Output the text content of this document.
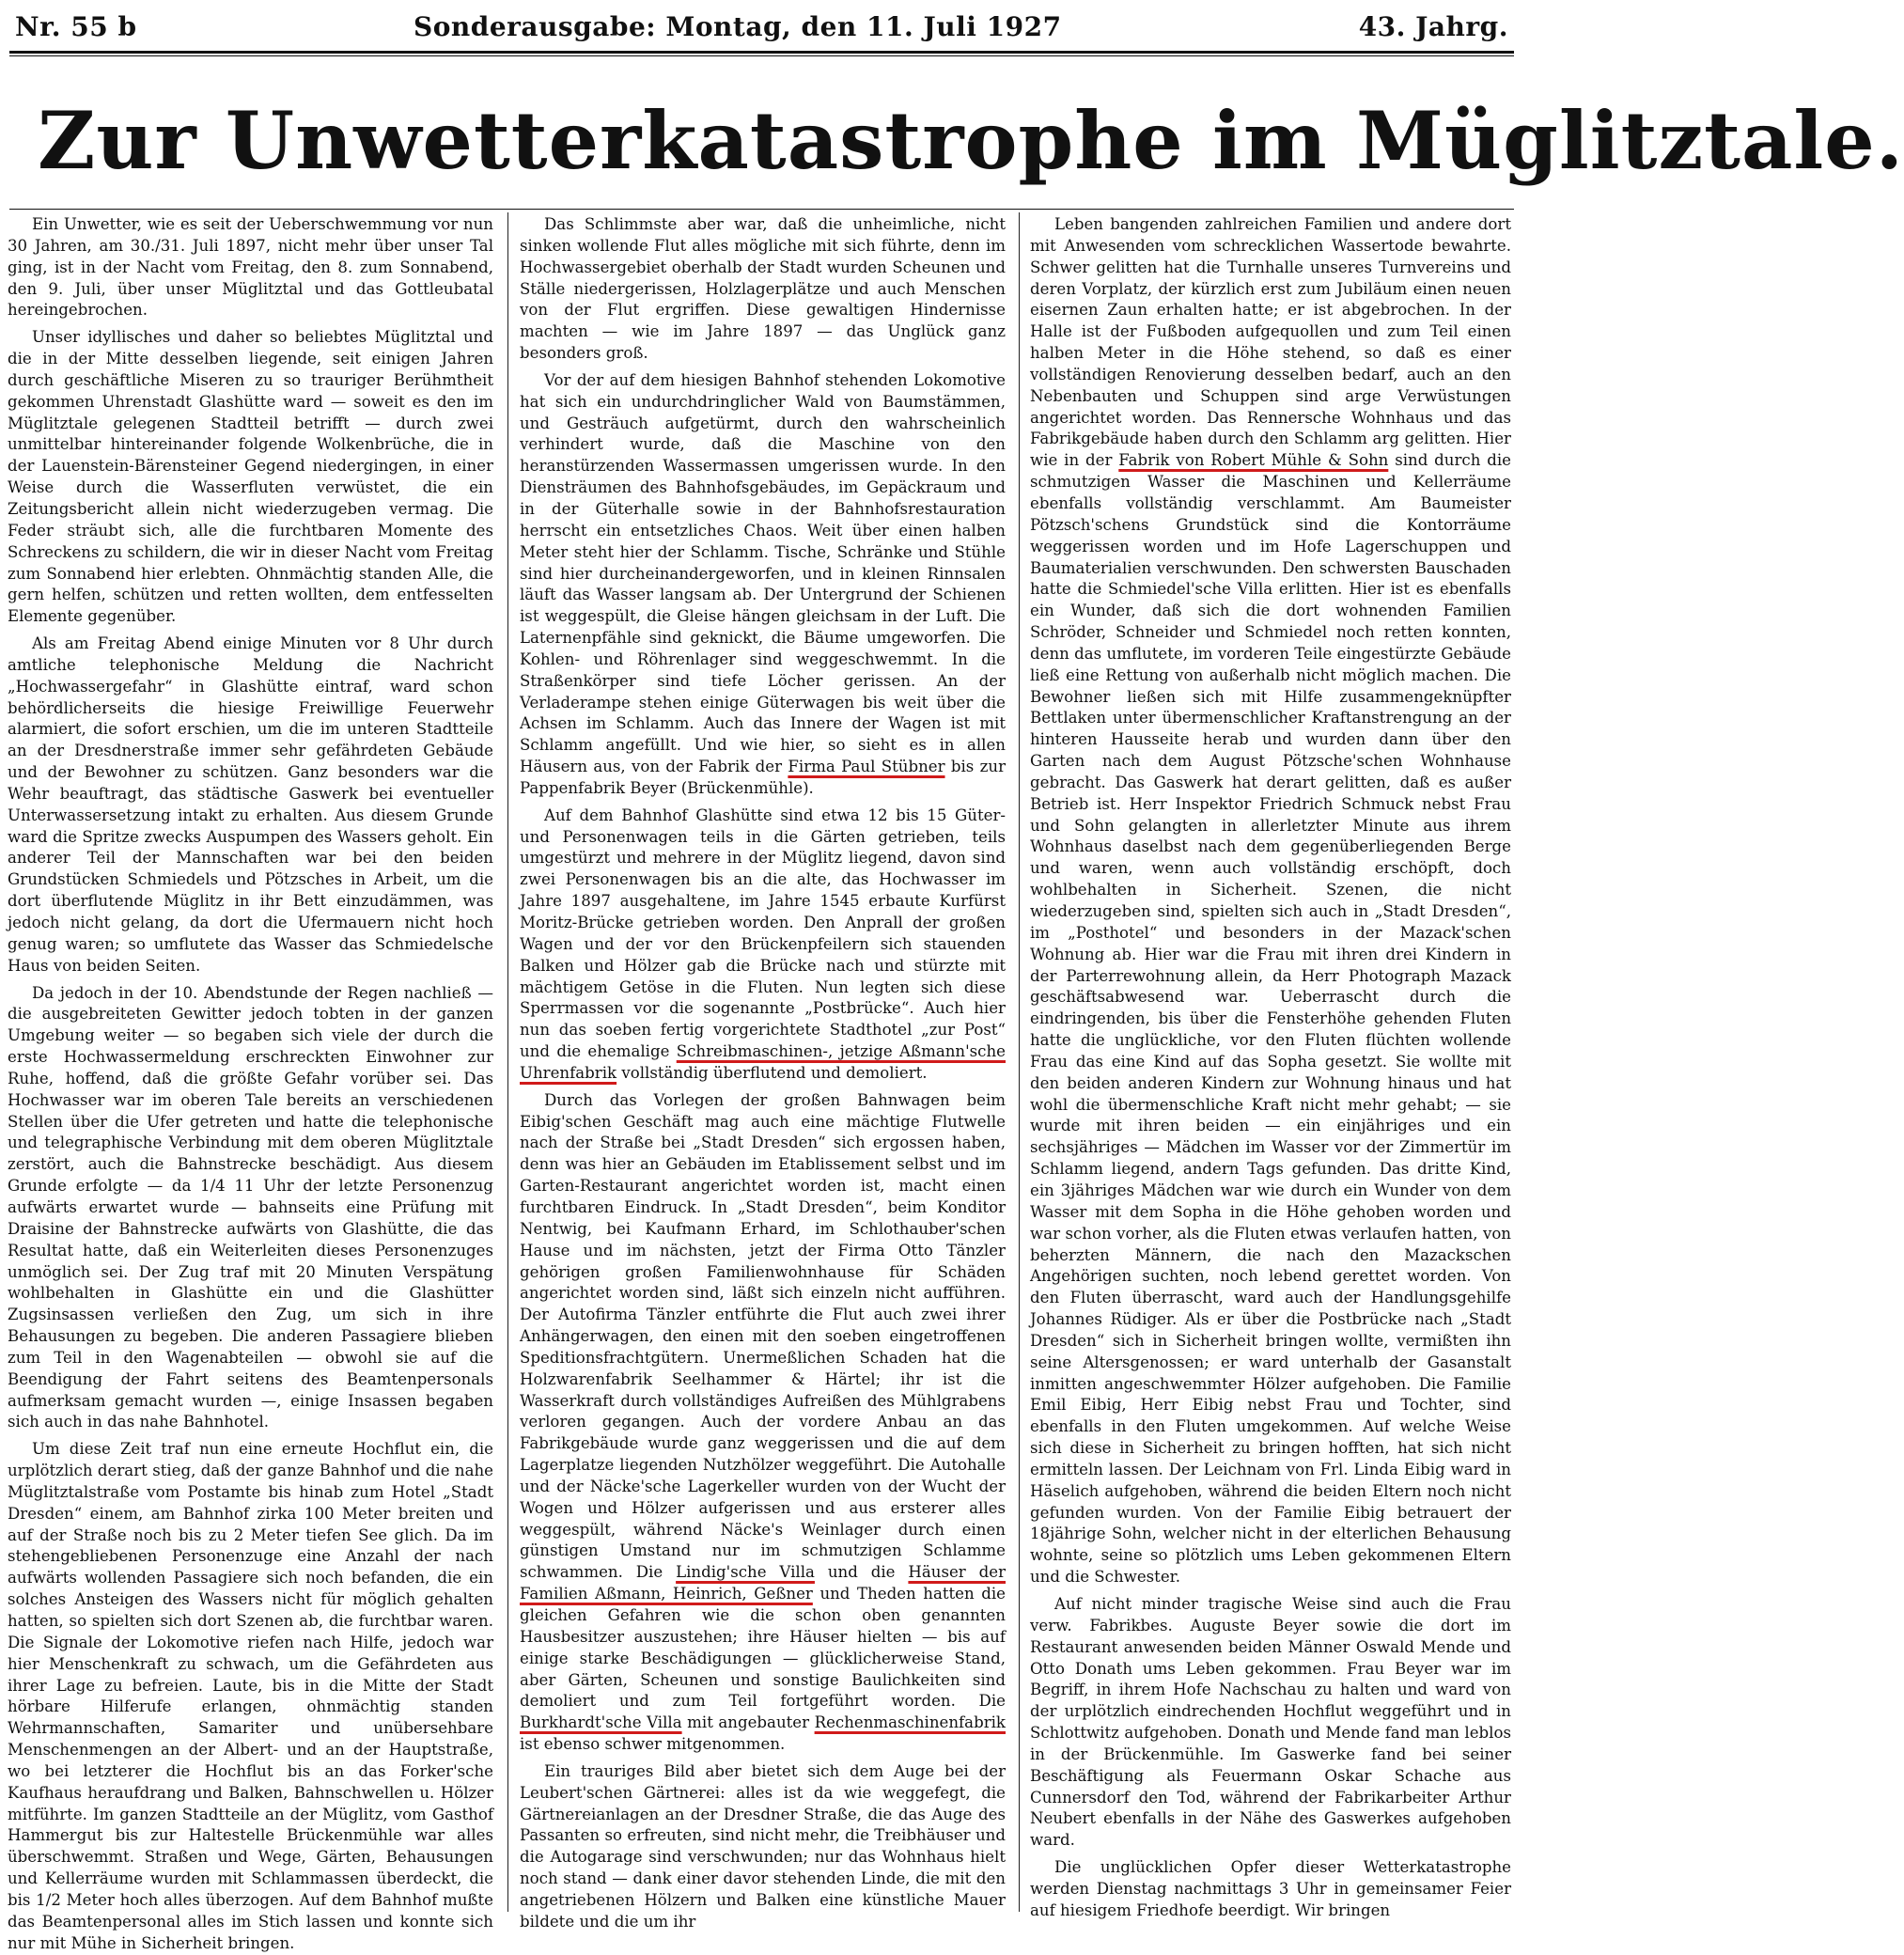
Nr. 55 b	Sonderausgabe: Montag, den 11. Juli 1927	43. Jahrg.
Zur Unwetterkatastrophe im Müglitztale.

Ein Unwetter, wie es seit der Ueberschwemmung vor nun 30 Jahren, am 30./31. Juli 1897, nicht mehr über unser Tal ging, ist in der Nacht vom Freitag, den 8. zum Sonnabend, den 9. Juli, über unser Müglitztal und das Gottleubatal hereingebrochen.

Unser idyllisches und daher so beliebtes Müglitztal und die in der Mitte desselben liegende, seit einigen Jahren durch geschäftliche Miseren zu so trauriger Berühmtheit gekommen Uhrenstadt Glashütte ward — soweit es den im Müglitztale gelegenen Stadtteil betrifft — durch zwei unmittelbar hintereinander folgende Wolkenbrüche, die in der Lauenstein-Bärensteiner Gegend niedergingen, in einer Weise durch die Wasserfluten verwüstet, die ein Zeitungsbericht allein nicht wiederzugeben vermag. Die Feder sträubt sich, alle die furchtbaren Momente des Schreckens zu schildern, die wir in dieser Nacht vom Freitag zum Sonnabend hier erlebten. Ohnmächtig standen Alle, die gern helfen, schützen und retten wollten, dem entfesselten Elemente gegenüber.

Als am Freitag Abend einige Minuten vor 8 Uhr durch amtliche telephonische Meldung die Nachricht „Hochwassergefahr“ in Glashütte eintraf, ward schon behördlicherseits die hiesige Freiwillige Feuerwehr alarmiert, die sofort erschien, um die im unteren Stadtteile an der Dresdnerstraße immer sehr gefährdeten Gebäude und der Bewohner zu schützen. Ganz besonders war die Wehr beauftragt, das städtische Gaswerk bei eventueller Unterwassersetzung intakt zu erhalten. Aus diesem Grunde ward die Spritze zwecks Auspumpen des Wassers geholt. Ein anderer Teil der Mannschaften war bei den beiden Grundstücken Schmiedels und Pötzsches in Arbeit, um die dort überflutende Müglitz in ihr Bett einzudämmen, was jedoch nicht gelang, da dort die Ufermauern nicht hoch genug waren; so umflutete das Wasser das Schmiedelsche Haus von beiden Seiten.

Da jedoch in der 10. Abendstunde der Regen nachließ — die ausgebreiteten Gewitter jedoch tobten in der ganzen Umgebung weiter — so begaben sich viele der durch die erste Hochwassermeldung erschreckten Einwohner zur Ruhe, hoffend, daß die größte Gefahr vorüber sei. Das Hochwasser war im oberen Tale bereits an verschiedenen Stellen über die Ufer getreten und hatte die telephonische und telegraphische Verbindung mit dem oberen Müglitztale zerstört, auch die Bahnstrecke beschädigt. Aus diesem Grunde erfolgte — da 1/4 11 Uhr der letzte Personenzug aufwärts erwartet wurde — bahnseits eine Prüfung mit Draisine der Bahnstrecke aufwärts von Glashütte, die das Resultat hatte, daß ein Weiterleiten dieses Personenzuges unmöglich sei. Der Zug traf mit 20 Minuten Verspätung wohlbehalten in Glashütte ein und die Glashütter Zugsinsassen verließen den Zug, um sich in ihre Behausungen zu begeben. Die anderen Passagiere blieben zum Teil in den Wagenabteilen — obwohl sie auf die Beendigung der Fahrt seitens des Beamtenpersonals aufmerksam gemacht wurden —, einige Insassen begaben sich auch in das nahe Bahnhotel.

Um diese Zeit traf nun eine erneute Hochflut ein, die urplötzlich derart stieg, daß der ganze Bahnhof und die nahe Müglitztalstraße vom Postamte bis hinab zum Hotel „Stadt Dresden“ einem, am Bahnhof zirka 100 Meter breiten und auf der Straße noch bis zu 2 Meter tiefen See glich. Da im stehengebliebenen Personenzuge eine Anzahl der nach aufwärts wollenden Passagiere sich noch befanden, die ein solches Ansteigen des Wassers nicht für möglich gehalten hatten, so spielten sich dort Szenen ab, die furchtbar waren. Die Signale der Lokomotive riefen nach Hilfe, jedoch war hier Menschenkraft zu schwach, um die Gefährdeten aus ihrer Lage zu befreien. Laute, bis in die Mitte der Stadt hörbare Hilferufe erlangen, ohnmächtig standen Wehrmannschaften, Samariter und unübersehbare Menschenmengen an der Albert- und an der Hauptstraße, wo bei letzterer die Hochflut bis an das Forker'sche Kaufhaus heraufdrang und Balken, Bahnschwellen u. Hölzer mitführte. Im ganzen Stadtteile an der Müglitz, vom Gasthof Hammergut bis zur Haltestelle Brückenmühle war alles überschwemmt. Straßen und Wege, Gärten, Behausungen und Kellerräume wurden mit Schlammassen überdeckt, die bis 1/2 Meter hoch alles überzogen. Auf dem Bahnhof mußte das Beamtenpersonal alles im Stich lassen und konnte sich nur mit Mühe in Sicherheit bringen.

Das Schlimmste aber war, daß die unheimliche, nicht sinken wollende Flut alles mögliche mit sich führte, denn im Hochwassergebiet oberhalb der Stadt wurden Scheunen und Ställe niedergerissen, Holzlagerplätze und auch Menschen von der Flut ergriffen. Diese gewaltigen Hindernisse machten — wie im Jahre 1897 — das Unglück ganz besonders groß.

Vor der auf dem hiesigen Bahnhof stehenden Lokomotive hat sich ein undurchdringlicher Wald von Baumstämmen, und Gesträuch aufgetürmt, durch den wahrscheinlich verhindert wurde, daß die Maschine von den heranstürzenden Wassermassen umgerissen wurde. In den Diensträumen des Bahnhofsgebäudes, im Gepäckraum und in der Güterhalle sowie in der Bahnhofsrestauration herrscht ein entsetzliches Chaos. Weit über einen halben Meter steht hier der Schlamm. Tische, Schränke und Stühle sind hier durcheinandergeworfen, und in kleinen Rinnsalen läuft das Wasser langsam ab. Der Untergrund der Schienen ist weggespült, die Gleise hängen gleichsam in der Luft. Die Laternenpfähle sind geknickt, die Bäume umgeworfen. Die Kohlen- und Röhrenlager sind weggeschwemmt. In die Straßenkörper sind tiefe Löcher gerissen. An der Verladerampe stehen einige Güterwagen bis weit über die Achsen im Schlamm. Auch das Innere der Wagen ist mit Schlamm angefüllt. Und wie hier, so sieht es in allen Häusern aus, von der Fabrik der Firma Paul Stübner bis zur Pappenfabrik Beyer (Brückenmühle).

Auf dem Bahnhof Glashütte sind etwa 12 bis 15 Güter- und Personenwagen teils in die Gärten getrieben, teils umgestürzt und mehrere in der Müglitz liegend, davon sind zwei Personenwagen bis an die alte, das Hochwasser im Jahre 1897 ausgehaltene, im Jahre 1545 erbaute Kurfürst Moritz-Brücke getrieben worden. Den Anprall der großen Wagen und der vor den Brückenpfeilern sich stauenden Balken und Hölzer gab die Brücke nach und stürzte mit mächtigem Getöse in die Fluten. Nun legten sich diese Sperrmassen vor die sogenannte „Postbrücke“. Auch hier nun das soeben fertig vorgerichtete Stadthotel „zur Post“ und die ehemalige Schreibmaschinen-, jetzige Aßmann'sche Uhrenfabrik vollständig überflutend und demoliert.

Durch das Vorlegen der großen Bahnwagen beim Eibig'schen Geschäft mag auch eine mächtige Flutwelle nach der Straße bei „Stadt Dresden“ sich ergossen haben, denn was hier an Gebäuden im Etablissement selbst und im Garten-Restaurant angerichtet worden ist, macht einen furchtbaren Eindruck. In „Stadt Dresden“, beim Konditor Nentwig, bei Kaufmann Erhard, im Schlothauber'schen Hause und im nächsten, jetzt der Firma Otto Tänzler gehörigen großen Familienwohnhause für Schäden angerichtet worden sind, läßt sich einzeln nicht aufführen. Der Autofirma Tänzler entführte die Flut auch zwei ihrer Anhängerwagen, den einen mit den soeben eingetroffenen Speditionsfrachtgütern. Unermeßlichen Schaden hat die Holzwarenfabrik Seelhammer & Härtel; ihr ist die Wasserkraft durch vollständiges Aufreißen des Mühlgrabens verloren gegangen. Auch der vordere Anbau an das Fabrikgebäude wurde ganz weggerissen und die auf dem Lagerplatze liegenden Nutzhölzer weggeführt. Die Autohalle und der Näcke'sche Lagerkeller wurden von der Wucht der Wogen und Hölzer aufgerissen und aus ersterer alles weggespült, während Näcke's Weinlager durch einen günstigen Umstand nur im schmutzigen Schlamme schwammen. Die Lindig'sche Villa und die Häuser der Familien Aßmann, Heinrich, Geßner und Theden hatten die gleichen Gefahren wie die schon oben genannten Hausbesitzer auszustehen; ihre Häuser hielten — bis auf einige starke Beschädigungen — glücklicherweise Stand, aber Gärten, Scheunen und sonstige Baulichkeiten sind demoliert und zum Teil fortgeführt worden. Die Burkhardt'sche Villa mit angebauter Rechenmaschinenfabrik ist ebenso schwer mitgenommen.

Ein trauriges Bild aber bietet sich dem Auge bei der Leubert'schen Gärtnerei: alles ist da wie weggefegt, die Gärtnereianlagen an der Dresdner Straße, die das Auge des Passanten so erfreuten, sind nicht mehr, die Treibhäuser und die Autogarage sind verschwunden; nur das Wohnhaus hielt noch stand — dank einer davor stehenden Linde, die mit den angetriebenen Hölzern und Balken eine künstliche Mauer bildete und die um ihr

Leben bangenden zahlreichen Familien und andere dort mit Anwesenden vom schrecklichen Wassertode bewahrte. Schwer gelitten hat die Turnhalle unseres Turnvereins und deren Vorplatz, der kürzlich erst zum Jubiläum einen neuen eisernen Zaun erhalten hatte; er ist abgebrochen. In der Halle ist der Fußboden aufgequollen und zum Teil einen halben Meter in die Höhe stehend, so daß es einer vollständigen Renovierung desselben bedarf, auch an den Nebenbauten und Schuppen sind arge Verwüstungen angerichtet worden. Das Rennersche Wohnhaus und das Fabrikgebäude haben durch den Schlamm arg gelitten. Hier wie in der Fabrik von Robert Mühle & Sohn sind durch die schmutzigen Wasser die Maschinen und Kellerräume ebenfalls vollständig verschlammt. Am Baumeister Pötzsch'schens Grundstück sind die Kontorräume weggerissen worden und im Hofe Lagerschuppen und Baumaterialien verschwunden. Den schwersten Bauschaden hatte die Schmiedel'sche Villa erlitten. Hier ist es ebenfalls ein Wunder, daß sich die dort wohnenden Familien Schröder, Schneider und Schmiedel noch retten konnten, denn das umflutete, im vorderen Teile eingestürzte Gebäude ließ eine Rettung von außerhalb nicht möglich machen. Die Bewohner ließen sich mit Hilfe zusammengeknüpfter Bettlaken unter übermenschlicher Kraftanstrengung an der hinteren Hausseite herab und wurden dann über den Garten nach dem August Pötzsche'schen Wohnhause gebracht. Das Gaswerk hat derart gelitten, daß es außer Betrieb ist. Herr Inspektor Friedrich Schmuck nebst Frau und Sohn gelangten in allerletzter Minute aus ihrem Wohnhaus daselbst nach dem gegenüberliegenden Berge und waren, wenn auch vollständig erschöpft, doch wohlbehalten in Sicherheit. Szenen, die nicht wiederzugeben sind, spielten sich auch in „Stadt Dresden“, im „Posthotel“ und besonders in der Mazack'schen Wohnung ab. Hier war die Frau mit ihren drei Kindern in der Parterrewohnung allein, da Herr Photograph Mazack geschäftsabwesend war. Ueberrascht durch die eindringenden, bis über die Fensterhöhe gehenden Fluten hatte die unglückliche, vor den Fluten flüchten wollende Frau das eine Kind auf das Sopha gesetzt. Sie wollte mit den beiden anderen Kindern zur Wohnung hinaus und hat wohl die übermenschliche Kraft nicht mehr gehabt; — sie wurde mit ihren beiden — ein einjähriges und ein sechsjähriges — Mädchen im Wasser vor der Zimmertür im Schlamm liegend, andern Tags gefunden. Das dritte Kind, ein 3jähriges Mädchen war wie durch ein Wunder von dem Wasser mit dem Sopha in die Höhe gehoben worden und war schon vorher, als die Fluten etwas verlaufen hatten, von beherzten Männern, die nach den Mazackschen Angehörigen suchten, noch lebend gerettet worden. Von den Fluten überrascht, ward auch der Handlungsgehilfe Johannes Rüdiger. Als er über die Postbrücke nach „Stadt Dresden“ sich in Sicherheit bringen wollte, vermißten ihn seine Altersgenossen; er ward unterhalb der Gasanstalt inmitten angeschwemmter Hölzer aufgehoben. Die Familie Emil Eibig, Herr Eibig nebst Frau und Tochter, sind ebenfalls in den Fluten umgekommen. Auf welche Weise sich diese in Sicherheit zu bringen hofften, hat sich nicht ermitteln lassen. Der Leichnam von Frl. Linda Eibig ward in Häselich aufgehoben, während die beiden Eltern noch nicht gefunden wurden. Von der Familie Eibig betrauert der 18jährige Sohn, welcher nicht in der elterlichen Behausung wohnte, seine so plötzlich ums Leben gekommenen Eltern und die Schwester.

Auf nicht minder tragische Weise sind auch die Frau verw. Fabrikbes. Auguste Beyer sowie die dort im Restaurant anwesenden beiden Männer Oswald Mende und Otto Donath ums Leben gekommen. Frau Beyer war im Begriff, in ihrem Hofe Nachschau zu halten und ward von der urplötzlich eindrechenden Hochflut weggeführt und in Schlottwitz aufgehoben. Donath und Mende fand man leblos in der Brückenmühle. Im Gaswerke fand bei seiner Beschäftigung als Feuermann Oskar Schache aus Cunnersdorf den Tod, während der Fabrikarbeiter Arthur Neubert ebenfalls in der Nähe des Gaswerkes aufgehoben ward.

Die unglücklichen Opfer dieser Wetterkatastrophe werden Dienstag nachmittags 3 Uhr in gemeinsamer Feier auf hiesigem Friedhofe beerdigt. Wir bringen
